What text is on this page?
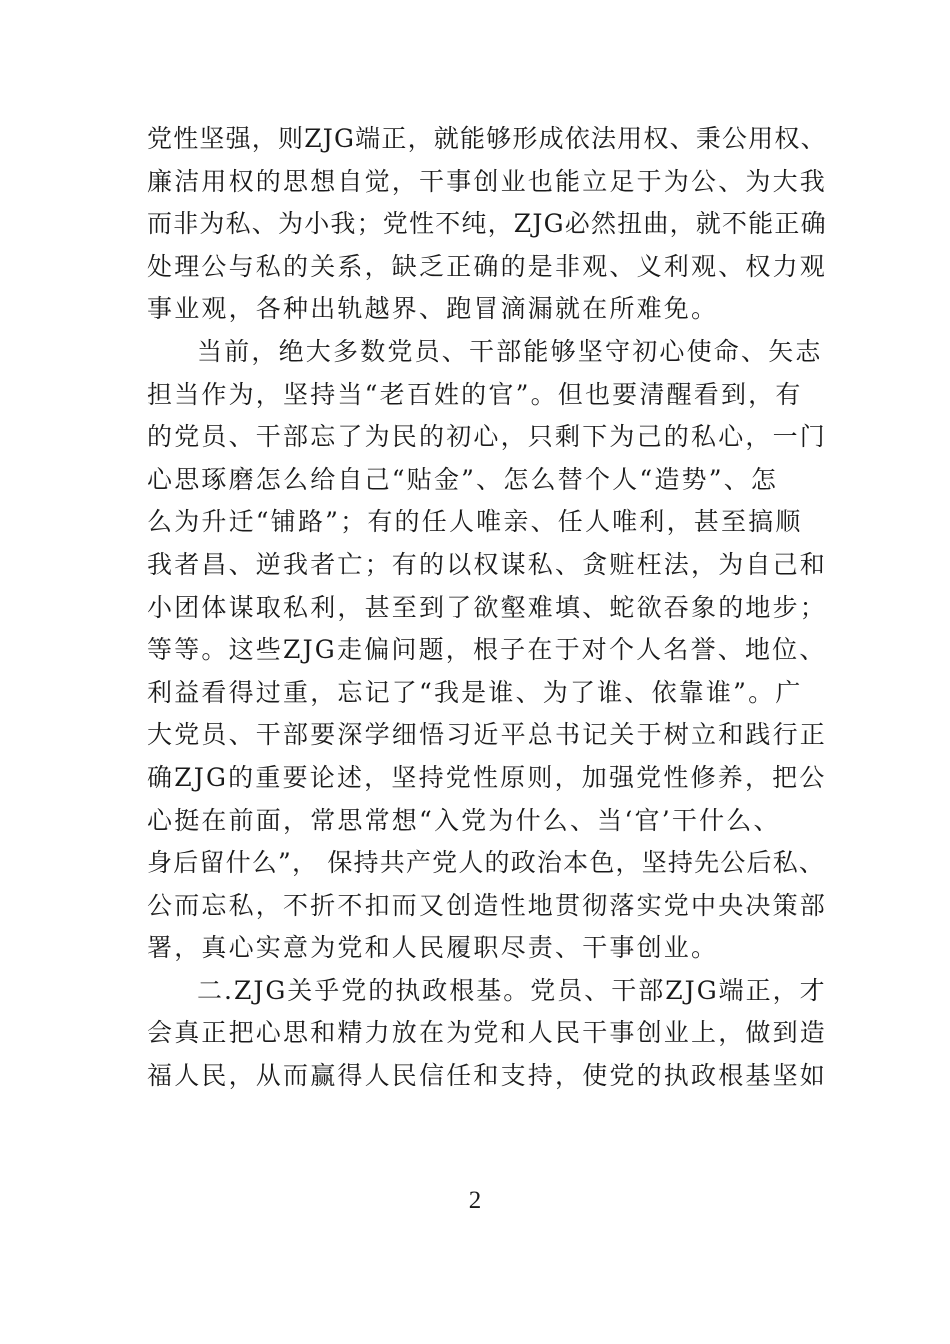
党性坚强，则ZJG端正，就能够形成依法用权、秉公用权、
廉洁用权的思想自觉，干事创业也能立足于为公、为大我
而非为私、为小我；党性不纯，ZJG必然扭曲，就不能正确
处理公与私的关系，缺乏正确的是非观、义利观、权力观
事业观，各种出轨越界、跑冒滴漏就在所难免。
当前，绝大多数党员、干部能够坚守初心使命、矢志
担当作为，坚持当“老百姓的官”。但也要清醒看到，有
的党员、干部忘了为民的初心，只剩下为己的私心，一门
心思琢磨怎么给自己“贴金”、怎么替个人“造势”、怎
么为升迁“铺路”；有的任人唯亲、任人唯利，甚至搞顺
我者昌、逆我者亡；有的以权谋私、贪赃枉法，为自己和
小团体谋取私利，甚至到了欲壑难填、蛇欲吞象的地步；
等等。这些ZJG走偏问题，根子在于对个人名誉、地位、
利益看得过重，忘记了“我是谁、为了谁、依靠谁”。广
大党员、干部要深学细悟习近平总书记关于树立和践行正
确ZJG的重要论述，坚持党性原则，加强党性修养，把公
心挺在前面，常思常想“入党为什么、当‘官’干什么、
身后留什么”， 保持共产党人的政治本色，坚持先公后私、
公而忘私，不折不扣而又创造性地贯彻落实党中央决策部
署，真心实意为党和人民履职尽责、干事创业。
二.ZJG关乎党的执政根基。党员、干部ZJG端正，才
会真正把心思和精力放在为党和人民干事创业上，做到造
福人民，从而赢得人民信任和支持，使党的执政根基坚如
2
